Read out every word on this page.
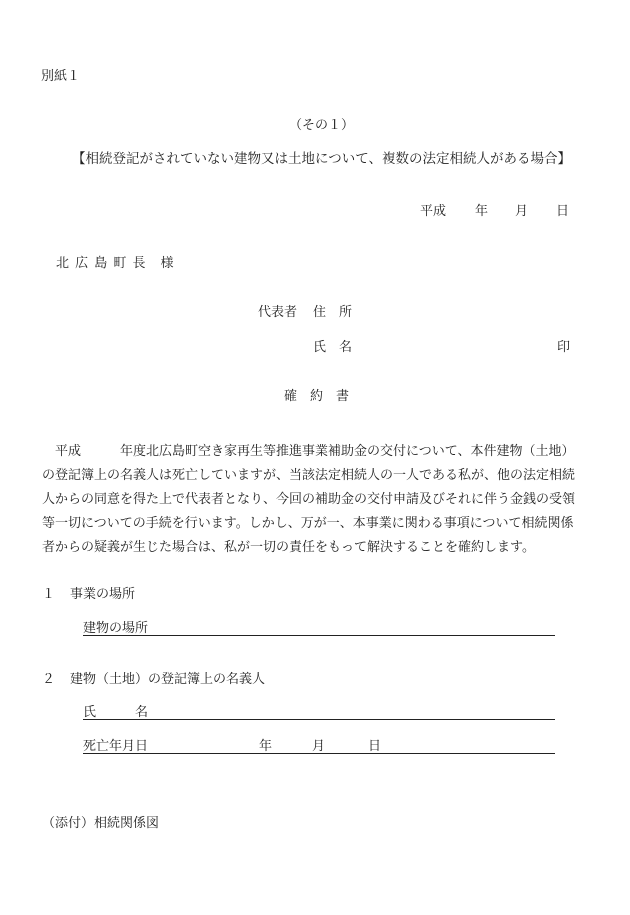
別紙１
（その１）
【相続登記がされていない建物又は土地について、複数の法定相続人がある場合】
平成 年 月 日
北 広 島 町 長　様
代表者 住　所
氏　名	印
確　約　書

　平成　　　年度北広島町空き家再生等推進事業補助金の交付について、本件建物（土地）

の登記簿上の名義人は死亡していますが、当該法定相続人の一人である私が、他の法定相続

人からの同意を得た上で代表者となり、今回の補助金の交付申請及びそれに伴う金銭の受領

等一切についての手続を行います。しかし、万が一、本事業に関わる事項について相続関係

者からの疑義が生じた場合は、私が一切の責任をもって解決することを確約します。

１ 事業の場所
建物の場所
２ 建物（土地）の登記簿上の名義人
氏　　　名
死亡年月日	年	月	日
（添付）相続関係図
